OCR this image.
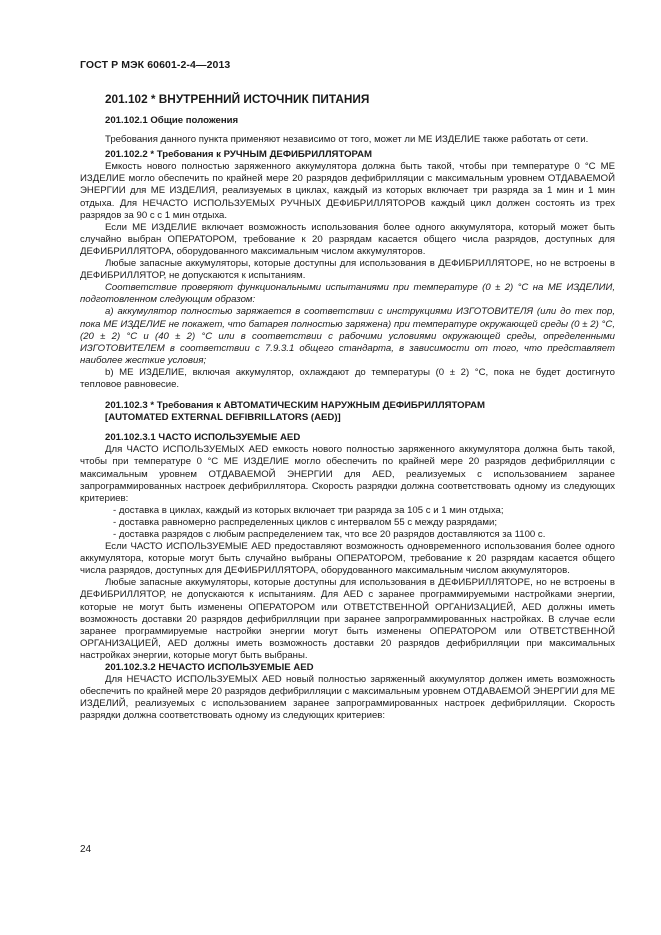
ГОСТ Р МЭК 60601-2-4—2013

201.102 * ВНУТРЕННИЙ ИСТОЧНИК ПИТАНИЯ

201.102.1 Общие положения

Требования данного пункта применяют независимо от того, может ли МЕ ИЗДЕЛИЕ также работать от сети.

201.102.2 * Требования к РУЧНЫМ ДЕФИБРИЛЛЯТОРАМ

Емкость нового полностью заряженного аккумулятора должна быть такой, чтобы при температуре 0 °С МЕ ИЗДЕЛИЕ могло обеспечить по крайней мере 20 разрядов дефибрилляции с максимальным уровнем ОТДАВАЕМОЙ ЭНЕРГИИ для МЕ ИЗДЕЛИЯ, реализуемых в циклах, каждый из которых включает три разряда за 1 мин и 1 мин отдыха. Для НЕЧАСТО ИСПОЛЬЗУЕМЫХ РУЧНЫХ ДЕФИБРИЛЛЯТОРОВ каждый цикл должен состоять из трех разрядов за 90 с с 1 мин отдыха.

Если МЕ ИЗДЕЛИЕ включает возможность использования более одного аккумулятора, который может быть случайно выбран ОПЕРАТОРОМ, требование к 20 разрядам касается общего числа разрядов, доступных для ДЕФИБРИЛЛЯТОРА, оборудованного максимальным числом аккумуляторов.

Любые запасные аккумуляторы, которые доступны для использования в ДЕФИБРИЛЛЯТОРЕ, но не встроены в ДЕФИБРИЛЛЯТОР, не допускаются к испытаниям.

Соответствие проверяют функциональными испытаниями при температуре (0 ± 2) °С на МЕ ИЗДЕЛИИ, подготовленном следующим образом:

a) аккумулятор полностью заряжается в соответствии с инструкциями ИЗГОТОВИТЕЛЯ (или до тех пор, пока МЕ ИЗДЕЛИЕ не покажет, что батарея полностью заряжена) при температуре окружающей среды (0 ± 2) °С, (20 ± 2) °С и (40 ± 2) °С или в соответствии с рабочими условиями окружающей среды, определенными ИЗГОТОВИТЕЛЕМ в соответствии с 7.9.3.1 общего стандарта, в зависимости от того, что представляет наиболее жесткие условия;

b) МЕ ИЗДЕЛИЕ, включая аккумулятор, охлаждают до температуры (0 ± 2) °С, пока не будет достигнуто тепловое равновесие.

201.102.3 * Требования к АВТОМАТИЧЕСКИМ НАРУЖНЫМ ДЕФИБРИЛЛЯТОРАМ

[AUTOMATED EXTERNAL DEFIBRILLATORS (AED)]

201.102.3.1 ЧАСТО ИСПОЛЬЗУЕМЫЕ AED

Для ЧАСТО ИСПОЛЬЗУЕМЫХ AED емкость нового полностью заряженного аккумулятора должна быть такой, чтобы при температуре 0 °С МЕ ИЗДЕЛИЕ могло обеспечить по крайней мере 20 разрядов дефибрилляции с максимальным уровнем ОТДАВАЕМОЙ ЭНЕРГИИ для AED, реализуемых с использованием заранее запрограммированных настроек дефибриллятора. Скорость разрядки должна соответствовать одному из следующих критериев:

- доставка в циклах, каждый из которых включает три разряда за 105 с и 1 мин отдыха;

- доставка равномерно распределенных циклов с интервалом 55 с между разрядами;

- доставка разрядов с любым распределением так, что все 20 разрядов доставляются за 1100 с.

Если ЧАСТО ИСПОЛЬЗУЕМЫЕ AED предоставляют возможность одновременного использования более одного аккумулятора, которые могут быть случайно выбраны ОПЕРАТОРОМ, требование к 20 разрядам касается общего числа разрядов, доступных для ДЕФИБРИЛЛЯТОРА, оборудованного максимальным числом аккумуляторов.

Любые запасные аккумуляторы, которые доступны для использования в ДЕФИБРИЛЛЯТОРЕ, но не встроены в ДЕФИБРИЛЛЯТОР, не допускаются к испытаниям. Для AED с заранее программируемыми настройками энергии, которые не могут быть изменены ОПЕРАТОРОМ или ОТВЕТСТВЕННОЙ ОРГАНИЗАЦИЕЙ, AED должны иметь возможность доставки 20 разрядов дефибрилляции при заранее запрограммированных настройках. В случае если заранее программируемые настройки энергии могут быть изменены ОПЕРАТОРОМ или ОТВЕТСТВЕННОЙ ОРГАНИЗАЦИЕЙ, AED должны иметь возможность доставки 20 разрядов дефибрилляции при максимальных настройках энергии, которые могут быть выбраны.

201.102.3.2 НЕЧАСТО ИСПОЛЬЗУЕМЫЕ AED

Для НЕЧАСТО ИСПОЛЬЗУЕМЫХ AED новый полностью заряженный аккумулятор должен иметь возможность обеспечить по крайней мере 20 разрядов дефибрилляции с максимальным уровнем ОТДАВАЕМОЙ ЭНЕРГИИ для МЕ ИЗДЕЛИЙ, реализуемых с использованием заранее запрограммированных настроек дефибрилляции. Скорость разрядки должна соответствовать одному из следующих критериев:

24
